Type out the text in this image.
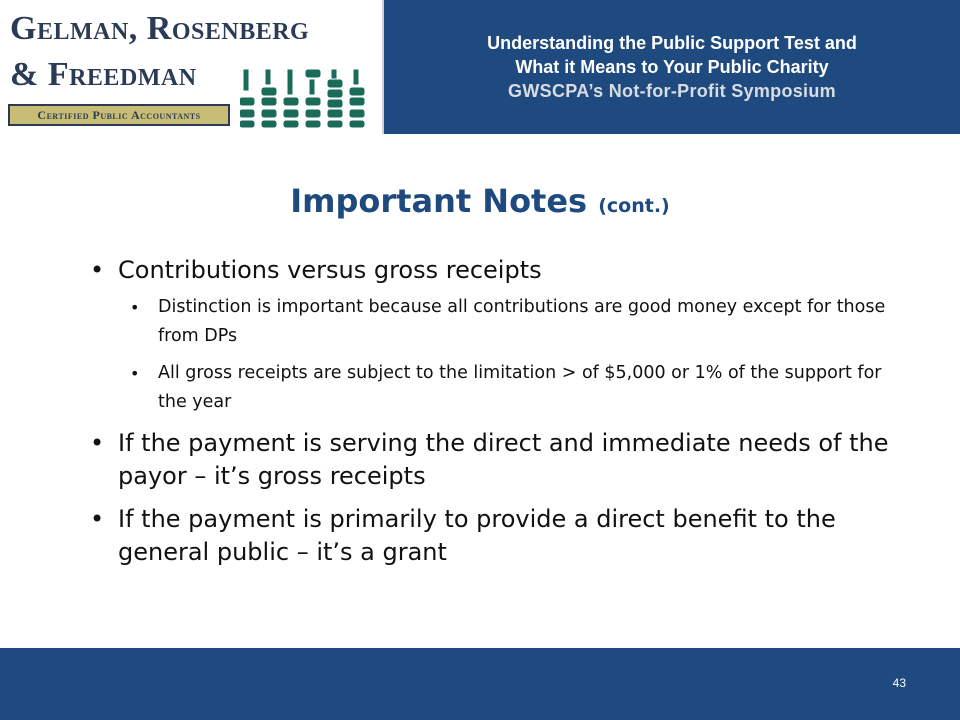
Gelman, Rosenberg
& Freedman
Certified Public Accountants
Understanding the Public Support Test and
What it Means to Your Public Charity
GWSCPA’s Not-for-Profit Symposium
Important Notes (cont.)
• Contributions versus gross receipts
• Distinction is important because all contributions are good money except for those from DPs
• All gross receipts are subject to the limitation > of $5,000 or 1% of the support for the year
• If the payment is serving the direct and immediate needs of the payor – it’s gross receipts
• If the payment is primarily to provide a direct benefit to the general public – it’s a grant
43
